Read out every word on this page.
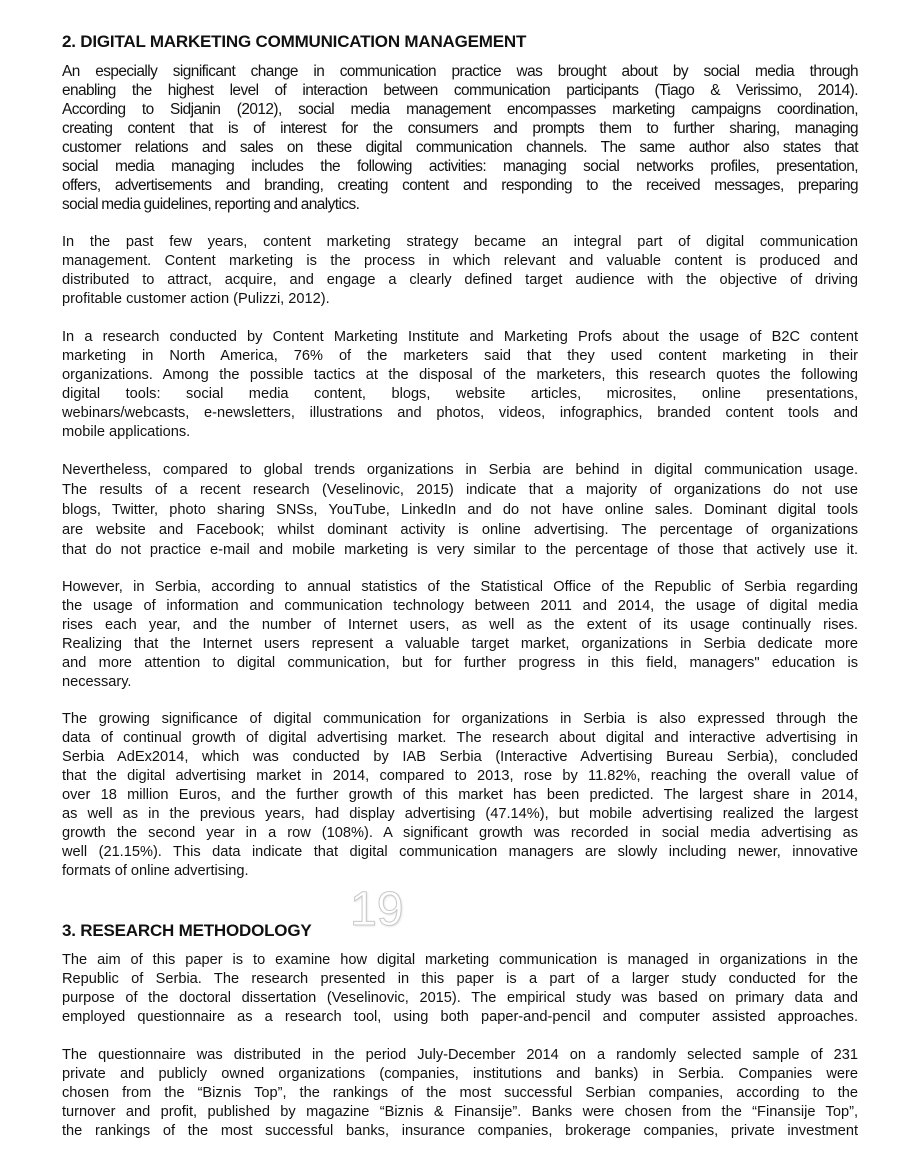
2. DIGITAL MARKETING COMMUNICATION MANAGEMENT
An especially significant change in communication practice was brought about by social media through
enabling the highest level of interaction between communication participants (Tiago & Verissimo, 2014).
According to Sidjanin (2012), social media management encompasses marketing campaigns coordination,
creating content that is of interest for the consumers and prompts them to further sharing, managing
customer relations and sales on these digital communication channels. The same author also states that
social media managing includes the following activities: managing social networks profiles, presentation,
offers, advertisements and branding, creating content and responding to the received messages, preparing
social media guidelines, reporting and analytics.
In the past few years, content marketing strategy became an integral part of digital communication
management. Content marketing is the process in which relevant and valuable content is produced and
distributed to attract, acquire, and engage a clearly defined target audience with the objective of driving
profitable customer action (Pulizzi, 2012).
In a research conducted by Content Marketing Institute and Marketing Profs about the usage of B2C content
marketing in North America, 76% of the marketers said that they used content marketing in their
organizations. Among the possible tactics at the disposal of the marketers, this research quotes the following
digital tools: social media content, blogs, website articles, microsites, online presentations,
webinars/webcasts, e-newsletters, illustrations and photos, videos, infographics, branded content tools and
mobile applications.
Nevertheless, compared to global trends organizations in Serbia are behind in digital communication usage.
The results of a recent research (Veselinovic, 2015) indicate that a majority of organizations do not use
blogs, Twitter, photo sharing SNSs, YouTube, LinkedIn and do not have online sales. Dominant digital tools
are website and Facebook; whilst dominant activity is online advertising. The percentage of organizations
that do not practice e-mail and mobile marketing is very similar to the percentage of those that actively use it.
However, in Serbia, according to annual statistics of the Statistical Office of the Republic of Serbia regarding
the usage of information and communication technology between 2011 and 2014, the usage of digital media
rises each year, and the number of Internet users, as well as the extent of its usage continually rises.
Realizing that the Internet users represent a valuable target market, organizations in Serbia dedicate more
and more attention to digital communication, but for further progress in this field, managers" education is
necessary.
The growing significance of digital communication for organizations in Serbia is also expressed through the
data of continual growth of digital advertising market. The research about digital and interactive advertising in
Serbia AdEx2014, which was conducted by IAB Serbia (Interactive Advertising Bureau Serbia), concluded
that the digital advertising market in 2014, compared to 2013, rose by 11.82%, reaching the overall value of
over 18 million Euros, and the further growth of this market has been predicted. The largest share in 2014,
as well as in the previous years, had display advertising (47.14%), but mobile advertising realized the largest
growth the second year in a row (108%). A significant growth was recorded in social media advertising as
well (21.15%). This data indicate that digital communication managers are slowly including newer, innovative
formats of online advertising.
19
3. RESEARCH METHODOLOGY
The aim of this paper is to examine how digital marketing communication is managed in organizations in the
Republic of Serbia. The research presented in this paper is a part of a larger study conducted for the
purpose of the doctoral dissertation (Veselinovic, 2015). The empirical study was based on primary data and
employed questionnaire as a research tool, using both paper-and-pencil and computer assisted approaches.
The questionnaire was distributed in the period July-December 2014 on a randomly selected sample of 231
private and publicly owned organizations (companies, institutions and banks) in Serbia. Companies were
chosen from the “Biznis Top”, the rankings of the most successful Serbian companies, according to the
turnover and profit, published by magazine “Biznis & Finansije”. Banks were chosen from the “Finansije Top”,
the rankings of the most successful banks, insurance companies, brokerage companies, private investment
